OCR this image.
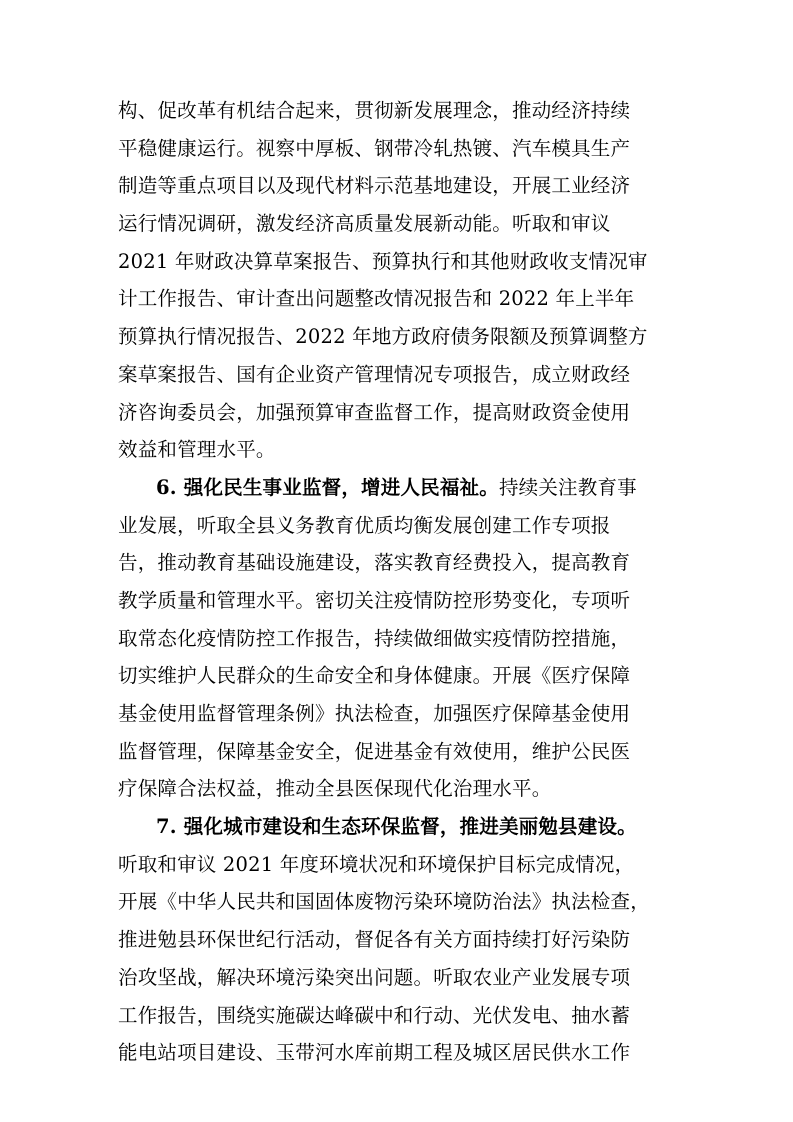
构、促改革有机结合起来，贯彻新发展理念，推动经济持续
平稳健康运行。视察中厚板、钢带冷轧热镀、汽车模具生产
制造等重点项目以及现代材料示范基地建设，开展工业经济
运行情况调研，激发经济高质量发展新动能。听取和审议
2021 年财政决算草案报告、预算执行和其他财政收支情况审
计工作报告、审计查出问题整改情况报告和 2022 年上半年
预算执行情况报告、2022 年地方政府债务限额及预算调整方
案草案报告、国有企业资产管理情况专项报告，成立财政经
济咨询委员会，加强预算审查监督工作，提高财政资金使用
效益和管理水平。
6. 强化民生事业监督，增进人民福祉。持续关注教育事
业发展，听取全县义务教育优质均衡发展创建工作专项报
告，推动教育基础设施建设，落实教育经费投入，提高教育
教学质量和管理水平。密切关注疫情防控形势变化，专项听
取常态化疫情防控工作报告，持续做细做实疫情防控措施，
切实维护人民群众的生命安全和身体健康。开展《医疗保障
基金使用监督管理条例》执法检查，加强医疗保障基金使用
监督管理，保障基金安全，促进基金有效使用，维护公民医
疗保障合法权益，推动全县医保现代化治理水平。
7. 强化城市建设和生态环保监督，推进美丽勉县建设。
听取和审议 2021 年度环境状况和环境保护目标完成情况，
开展《中华人民共和国固体废物污染环境防治法》执法检查，
推进勉县环保世纪行活动，督促各有关方面持续打好污染防
治攻坚战，解决环境污染突出问题。听取农业产业发展专项
工作报告，围绕实施碳达峰碳中和行动、光伏发电、抽水蓄
能电站项目建设、玉带河水库前期工程及城区居民供水工作
